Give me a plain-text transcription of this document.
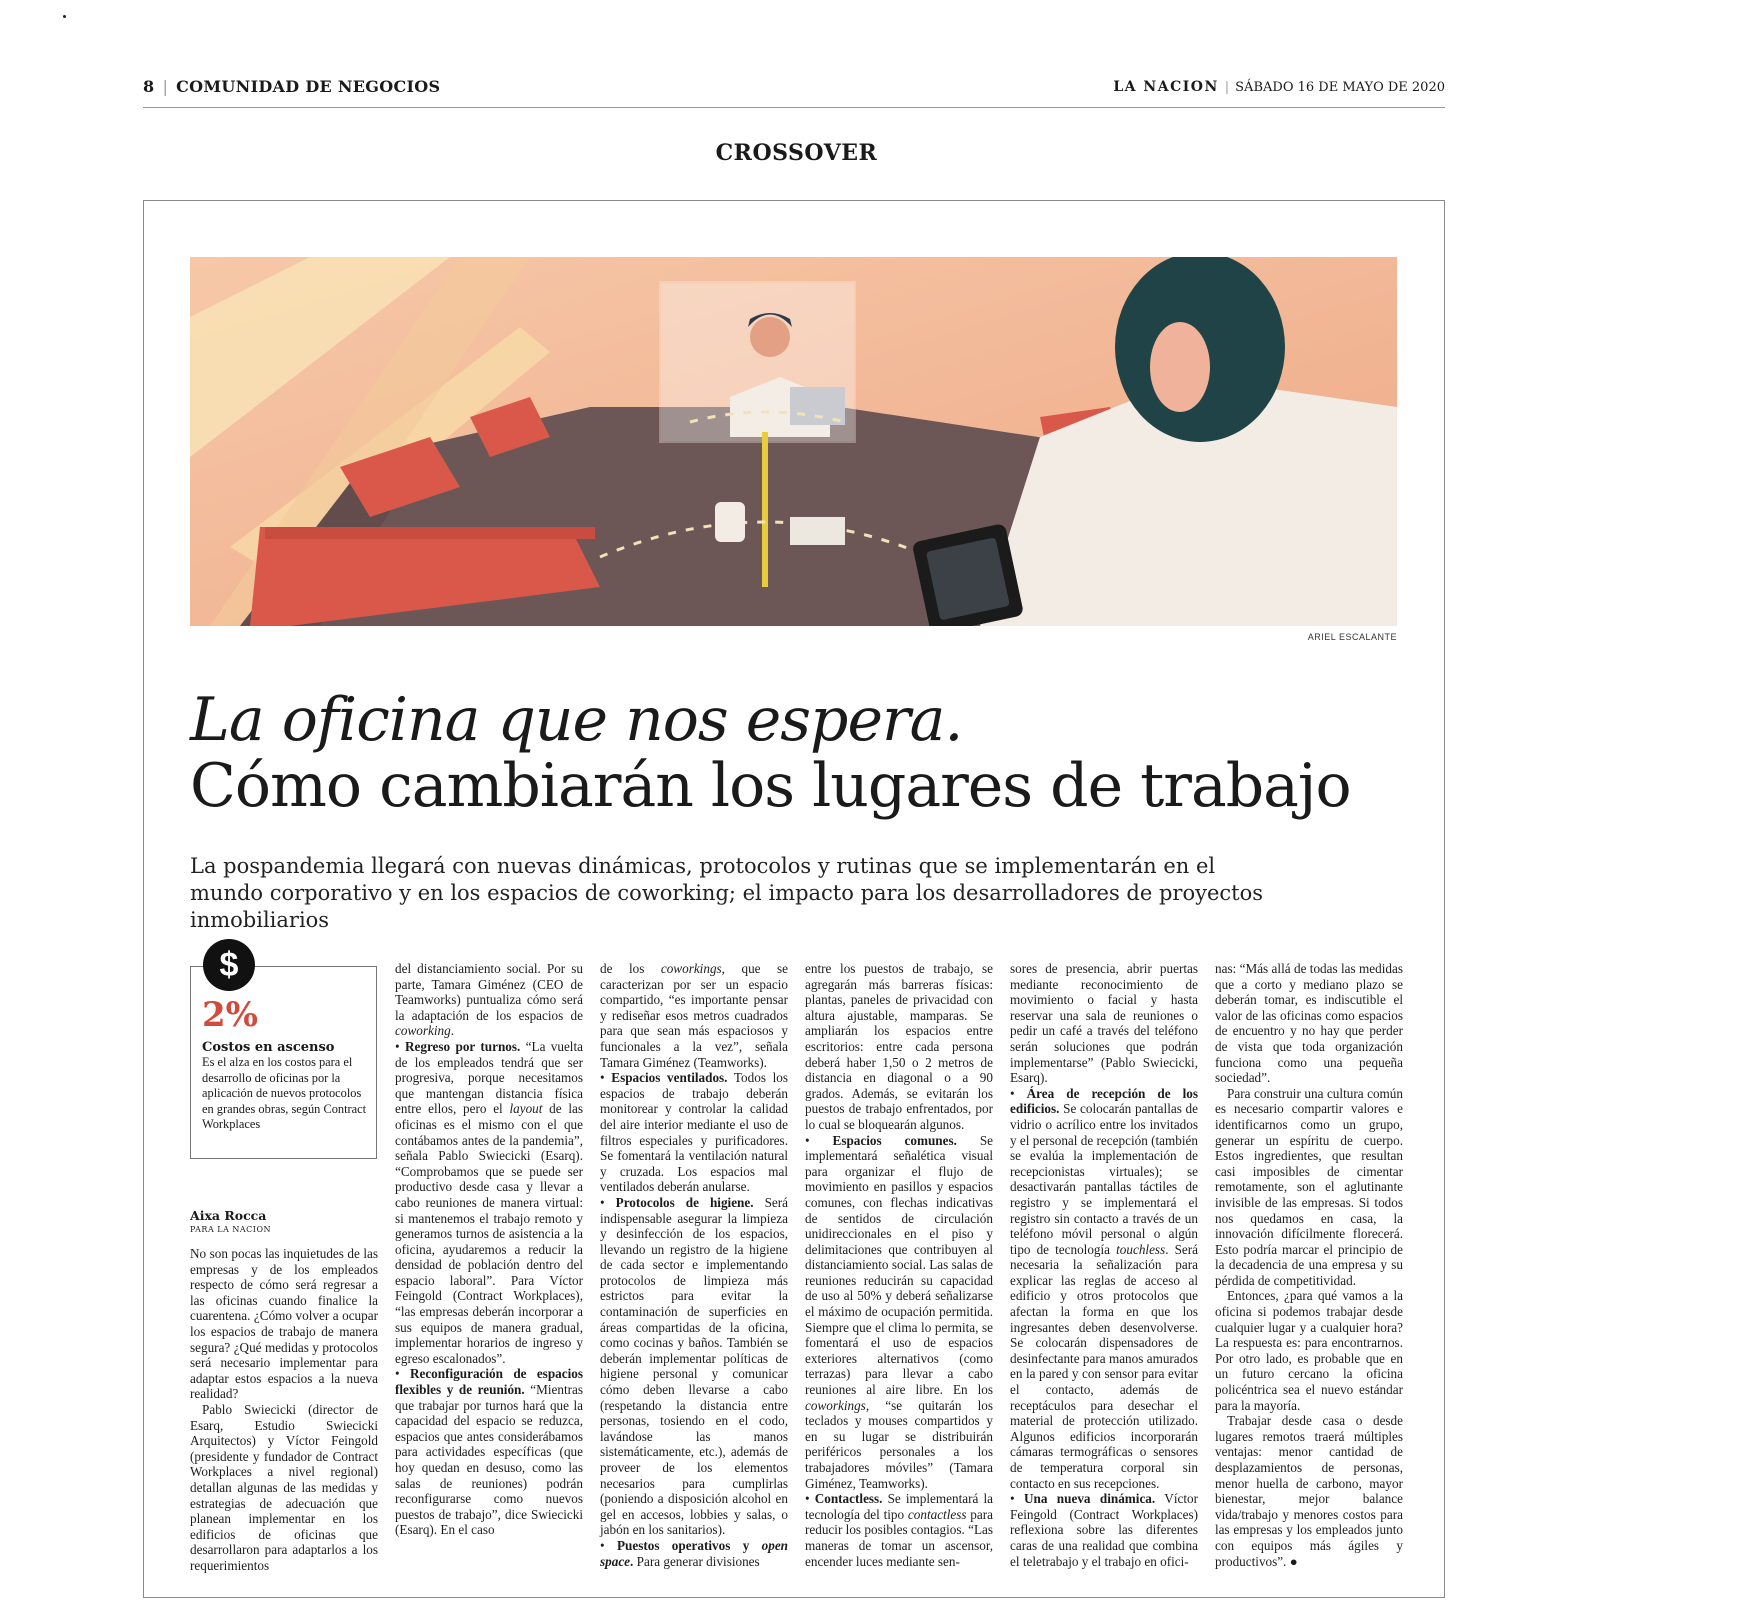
8 | COMUNIDAD DE NEGOCIOS	LA NACION | SÁBADO 16 DE MAYO DE 2020
CROSSOVER
ARIEL ESCALANTE
La oficina que nos espera.
Cómo cambiarán los lugares de trabajo
La pospandemia llegará con nuevas dinámicas, protocolos y rutinas que se implementarán en el mundo corporativo y en los espacios de coworking; el impacto para los desarrolladores de proyectos inmobiliarios
$
2%
Costos en ascenso
Es el alza en los costos para el desarrollo de oficinas por la aplicación de nuevos protocolos en grandes obras, según Contract Workplaces
Aixa Rocca
PARA LA NACION

No son pocas las inquietudes de las empresas y de los empleados respecto de cómo será regresar a las oficinas cuando finalice la cuarentena. ¿Cómo volver a ocupar los espacios de trabajo de manera segura? ¿Qué medidas y protocolos será necesario implementar para adaptar estos espacios a la nueva realidad?

Pablo Swiecicki (director de Esarq, Estudio Swiecicki Arquitectos) y Víctor Feingold (presidente y fundador de Contract Workplaces a nivel regional) detallan algunas de las medidas y estrategias de adecuación que planean implementar en los edificios de oficinas que desarrollaron para adaptarlos a los requerimientos

del distanciamiento social. Por su parte, Tamara Giménez (CEO de Teamworks) puntualiza cómo será la adaptación de los espacios de coworking.

• Regreso por turnos. “La vuelta de los empleados tendrá que ser progresiva, porque necesitamos que mantengan distancia física entre ellos, pero el layout de las oficinas es el mismo con el que contábamos antes de la pandemia”, señala Pablo Swiecicki (Esarq). “Comprobamos que se puede ser productivo desde casa y llevar a cabo reuniones de manera virtual: si mantenemos el trabajo remoto y generamos turnos de asistencia a la oficina, ayudaremos a reducir la densidad de población dentro del espacio laboral”. Para Víctor Feingold (Contract Workplaces), “las empresas deberán incorporar a sus equipos de manera gradual, implementar horarios de ingreso y egreso escalonados”.

• Reconfiguración de espacios flexibles y de reunión. “Mientras que trabajar por turnos hará que la capacidad del espacio se reduzca, espacios que antes considerábamos para actividades específicas (que hoy quedan en desuso, como las salas de reuniones) podrán reconfigurarse como nuevos puestos de trabajo”, dice Swiecicki (Esarq). En el caso

de los coworkings, que se caracterizan por ser un espacio compartido, “es importante pensar y rediseñar esos metros cuadrados para que sean más espaciosos y funcionales a la vez”, señala Tamara Giménez (Teamworks).

• Espacios ventilados. Todos los espacios de trabajo deberán monitorear y controlar la calidad del aire interior mediante el uso de filtros especiales y purificadores. Se fomentará la ventilación natural y cruzada. Los espacios mal ventilados deberán anularse.

• Protocolos de higiene. Será indispensable asegurar la limpieza y desinfección de los espacios, llevando un registro de la higiene de cada sector e implementando protocolos de limpieza más estrictos para evitar la contaminación de superficies en áreas compartidas de la oficina, como cocinas y baños. También se deberán implementar políticas de higiene personal y comunicar cómo deben llevarse a cabo (respetando la distancia entre personas, tosiendo en el codo, lavándose las manos sistemáticamente, etc.), además de proveer de los elementos necesarios para cumplirlas (poniendo a disposición alcohol en gel en accesos, lobbies y salas, o jabón en los sanitarios).

• Puestos operativos y open space. Para generar divisiones

entre los puestos de trabajo, se agregarán más barreras físicas: plantas, paneles de privacidad con altura ajustable, mamparas. Se ampliarán los espacios entre escritorios: entre cada persona deberá haber 1,50 o 2 metros de distancia en diagonal o a 90 grados. Además, se evitarán los puestos de trabajo enfrentados, por lo cual se bloquearán algunos.

• Espacios comunes. Se implementará señalética visual para organizar el flujo de movimiento en pasillos y espacios comunes, con flechas indicativas de sentidos de circulación unidireccionales en el piso y delimitaciones que contribuyen al distanciamiento social. Las salas de reuniones reducirán su capacidad de uso al 50% y deberá señalizarse el máximo de ocupación permitida. Siempre que el clima lo permita, se fomentará el uso de espacios exteriores alternativos (como terrazas) para llevar a cabo reuniones al aire libre. En los coworkings, “se quitarán los teclados y mouses compartidos y en su lugar se distribuirán periféricos personales a los trabajadores móviles” (Tamara Giménez, Teamworks).

• Contactless. Se implementará la tecnología del tipo contactless para reducir los posibles contagios. “Las maneras de tomar un ascensor, encender luces mediante sen-

sores de presencia, abrir puertas mediante reconocimiento de movimiento o facial y hasta reservar una sala de reuniones o pedir un café a través del teléfono serán soluciones que podrán implementarse” (Pablo Swiecicki, Esarq).

• Área de recepción de los edificios. Se colocarán pantallas de vidrio o acrílico entre los invitados y el personal de recepción (también se evalúa la implementación de recepcionistas virtuales); se desactivarán pantallas táctiles de registro y se implementará el registro sin contacto a través de un teléfono móvil personal o algún tipo de tecnología touchless. Será necesaria la señalización para explicar las reglas de acceso al edificio y otros protocolos que afectan la forma en que los ingresantes deben desenvolverse. Se colocarán dispensadores de desinfectante para manos amurados en la pared y con sensor para evitar el contacto, además de receptáculos para desechar el material de protección utilizado. Algunos edificios incorporarán cámaras termográficas o sensores de temperatura corporal sin contacto en sus recepciones.

• Una nueva dinámica. Víctor Feingold (Contract Workplaces) reflexiona sobre las diferentes caras de una realidad que combina el teletrabajo y el trabajo en ofici-

nas: “Más allá de todas las medidas que a corto y mediano plazo se deberán tomar, es indiscutible el valor de las oficinas como espacios de encuentro y no hay que perder de vista que toda organización funciona como una pequeña sociedad”.

Para construir una cultura común es necesario compartir valores e identificarnos como un grupo, generar un espíritu de cuerpo. Estos ingredientes, que resultan casi imposibles de cimentar remotamente, son el aglutinante invisible de las empresas. Si todos nos quedamos en casa, la innovación difícilmente florecerá. Esto podría marcar el principio de la decadencia de una empresa y su pérdida de competitividad.

Entonces, ¿para qué vamos a la oficina si podemos trabajar desde cualquier lugar y a cualquier hora? La respuesta es: para encontrarnos. Por otro lado, es probable que en un futuro cercano la oficina policéntrica sea el nuevo estándar para la mayoría.

Trabajar desde casa o desde lugares remotos traerá múltiples ventajas: menor cantidad de desplazamientos de personas, menor huella de carbono, mayor bienestar, mejor balance vida/trabajo y menores costos para las empresas y los empleados junto con equipos más ágiles y productivos”. ●
